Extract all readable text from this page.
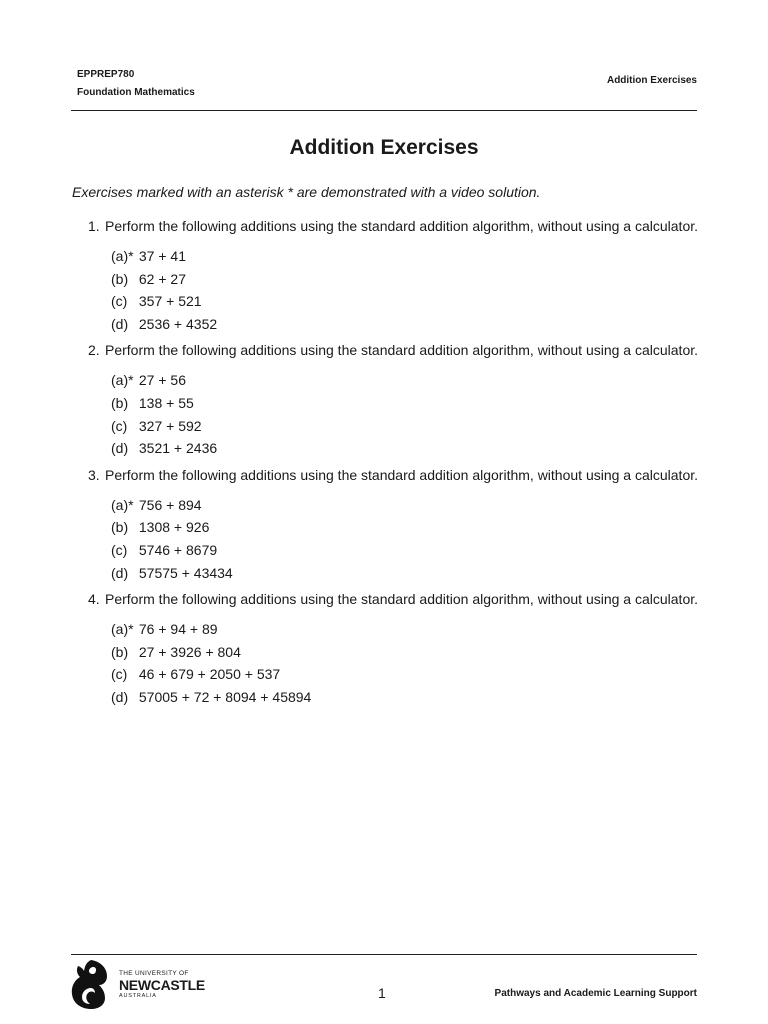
EPPREP780
Foundation Mathematics
Addition Exercises
Addition Exercises
Exercises marked with an asterisk * are demonstrated with a video solution.
1. Perform the following additions using the standard addition algorithm, without using a calculator.
(a)* 37 + 41
(b) 62 + 27
(c) 357 + 521
(d) 2536 + 4352
2. Perform the following additions using the standard addition algorithm, without using a calculator.
(a)* 27 + 56
(b) 138 + 55
(c) 327 + 592
(d) 3521 + 2436
3. Perform the following additions using the standard addition algorithm, without using a calculator.
(a)* 756 + 894
(b) 1308 + 926
(c) 5746 + 8679
(d) 57575 + 43434
4. Perform the following additions using the standard addition algorithm, without using a calculator.
(a)* 76 + 94 + 89
(b) 27 + 3926 + 804
(c) 46 + 679 + 2050 + 537
(d) 57005 + 72 + 8094 + 45894
THE UNIVERSITY OF
NEWCASTLE
AUSTRALIA	1	Pathways and Academic Learning Support
